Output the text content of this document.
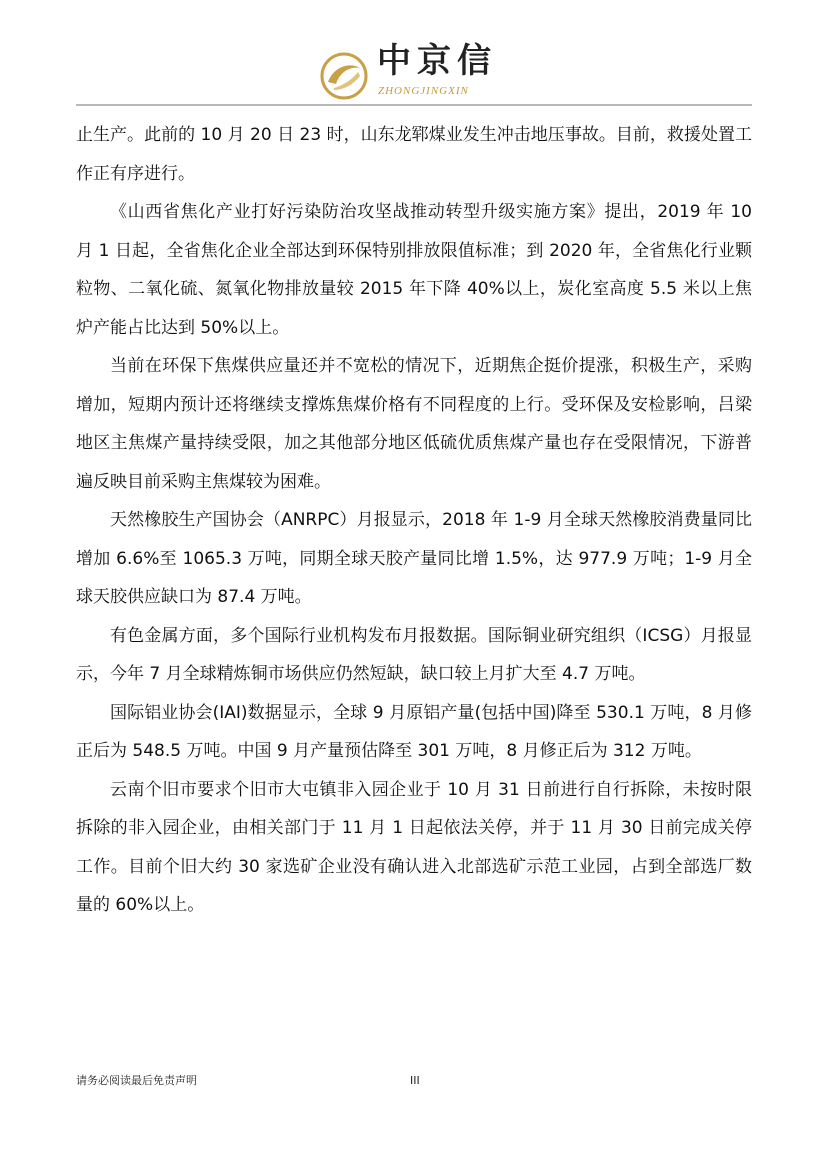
中京信
ZHONGJINGXIN

止生产。此前的 10 月 20 日 23 时，山东龙郓煤业发生冲击地压事故。目前，救援处置工作正有序进行。

《山西省焦化产业打好污染防治攻坚战推动转型升级实施方案》提出，2019 年 10 月 1 日起，全省焦化企业全部达到环保特别排放限值标准；到 2020 年，全省焦化行业颗粒物、二氧化硫、氮氧化物排放量较 2015 年下降 40%以上，炭化室高度 5.5 米以上焦炉产能占比达到 50%以上。

当前在环保下焦煤供应量还并不宽松的情况下，近期焦企挺价提涨，积极生产，采购增加，短期内预计还将继续支撑炼焦煤价格有不同程度的上行。受环保及安检影响，吕梁地区主焦煤产量持续受限，加之其他部分地区低硫优质焦煤产量也存在受限情况，下游普遍反映目前采购主焦煤较为困难。

天然橡胶生产国协会（ANRPC）月报显示，2018 年 1-9 月全球天然橡胶消费量同比增加 6.6%至 1065.3 万吨，同期全球天胶产量同比增 1.5%，达 977.9 万吨；1-9 月全球天胶供应缺口为 87.4 万吨。

有色金属方面，多个国际行业机构发布月报数据。国际铜业研究组织（ICSG）月报显示，今年 7 月全球精炼铜市场供应仍然短缺，缺口较上月扩大至 4.7 万吨。

国际铝业协会(IAI)数据显示，全球 9 月原铝产量(包括中国)降至 530.1 万吨，8 月修正后为 548.5 万吨。中国 9 月产量预估降至 301 万吨，8 月修正后为 312 万吨。

云南个旧市要求个旧市大屯镇非入园企业于 10 月 31 日前进行自行拆除，未按时限拆除的非入园企业，由相关部门于 11 月 1 日起依法关停，并于 11 月 30 日前完成关停工作。目前个旧大约 30 家选矿企业没有确认进入北部选矿示范工业园，占到全部选厂数量的 60%以上。

请务必阅读最后免责声明	III
